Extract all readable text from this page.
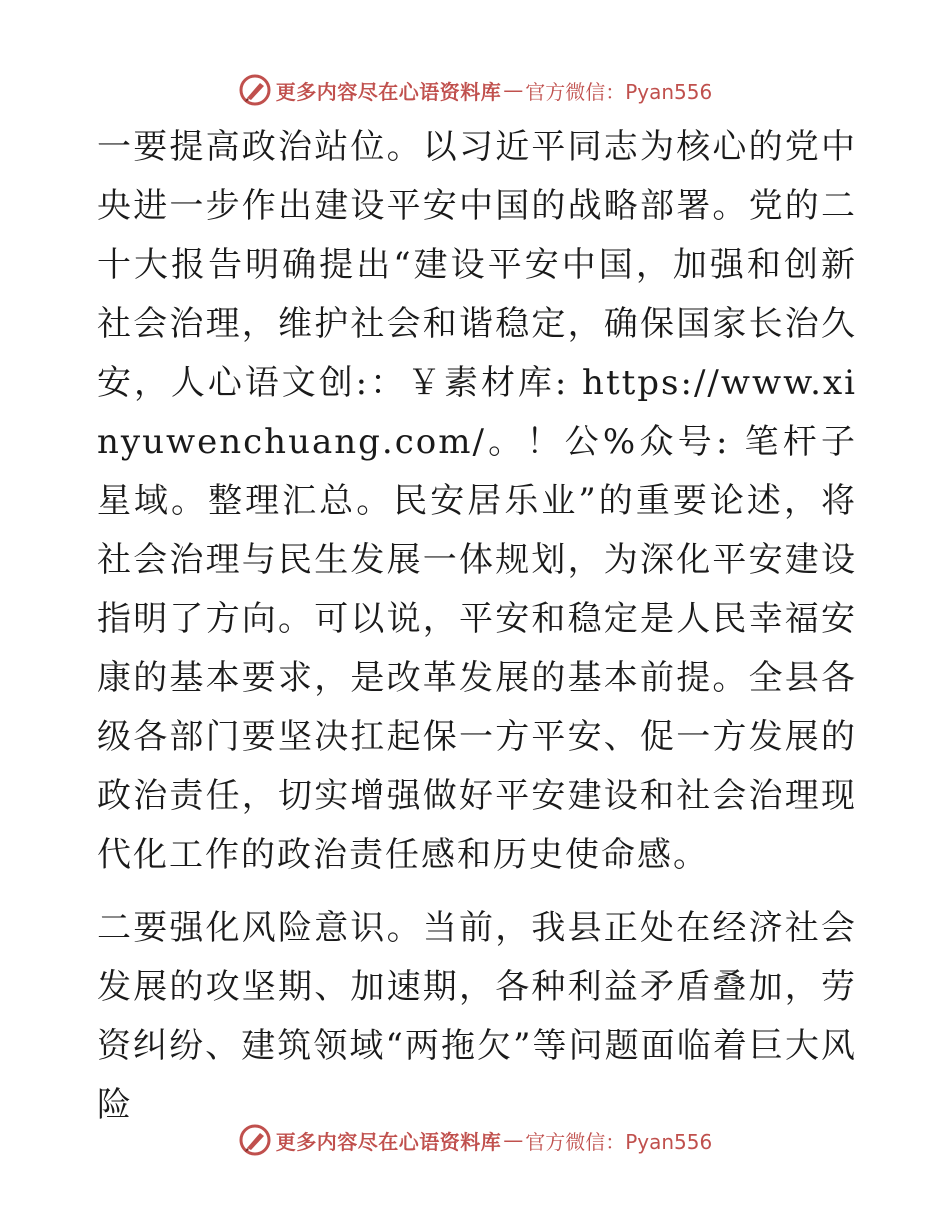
更多内容尽在心语资料库 — 官方微信：Pyan556

一要提高政治站位。以习近平同志为核心的党中央进一步作出建设平安中国的战略部署。党的二十大报告明确提出“建设平安中国，加强和创新社会治理，维护社会和谐稳定，确保国家长治久安，人心语文创:：￥素材库: https://www.xinyuwenchuang.com/。！公%众号: 笔杆子星域。整理汇总。民安居乐业”的重要论述，将社会治理与民生发展一体规划，为深化平安建设指明了方向。可以说，平安和稳定是人民幸福安康的基本要求，是改革发展的基本前提。全县各级各部门要坚决扛起保一方平安、促一方发展的政治责任，切实增强做好平安建设和社会治理现代化工作的政治责任感和历史使命感。

二要强化风险意识。当前，我县正处在经济社会发展的攻坚期、加速期，各种利益矛盾叠加，劳资纠纷、建筑领域“两拖欠”等问题面临着巨大风险

更多内容尽在心语资料库 — 官方微信：Pyan556
